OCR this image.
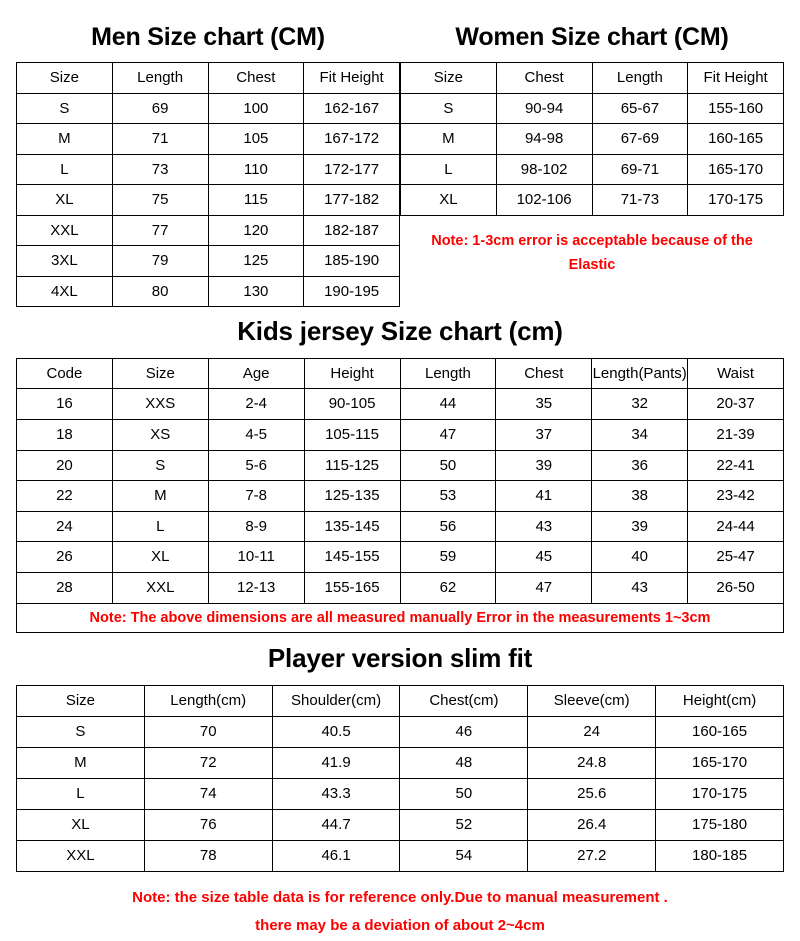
Men Size chart (CM)
Size	Length	Chest	Fit Height
S	69	100	162-167
M	71	105	167-172
L	73	110	172-177
XL	75	115	177-182
XXL	77	120	182-187
3XL	79	125	185-190
4XL	80	130	190-195
Women Size chart (CM)
Size	Chest	Length	Fit Height
S	90-94	65-67	155-160
M	94-98	67-69	160-165
L	98-102	69-71	165-170
XL	102-106	71-73	170-175
Note: 1-3cm error is acceptable because of the Elastic
Kids jersey Size chart (cm)
Code	Size	Age	Height	Length	Chest	Length(Pants)	Waist
16	XXS	2-4	90-105	44	35	32	20-37
18	XS	4-5	105-115	47	37	34	21-39
20	S	5-6	115-125	50	39	36	22-41
22	M	7-8	125-135	53	41	38	23-42
24	L	8-9	135-145	56	43	39	24-44
26	XL	10-11	145-155	59	45	40	25-47
28	XXL	12-13	155-165	62	47	43	26-50
Note: The above dimensions are all measured manually Error in the measurements 1~3cm
Player version slim fit
Size	Length(cm)	Shoulder(cm)	Chest(cm)	Sleeve(cm)	Height(cm)
S	70	40.5	46	24	160-165
M	72	41.9	48	24.8	165-170
L	74	43.3	50	25.6	170-175
XL	76	44.7	52	26.4	175-180
XXL	78	46.1	54	27.2	180-185
Note: the size table data is for reference only.Due to manual measurement .
there may be a deviation of about 2~4cm
